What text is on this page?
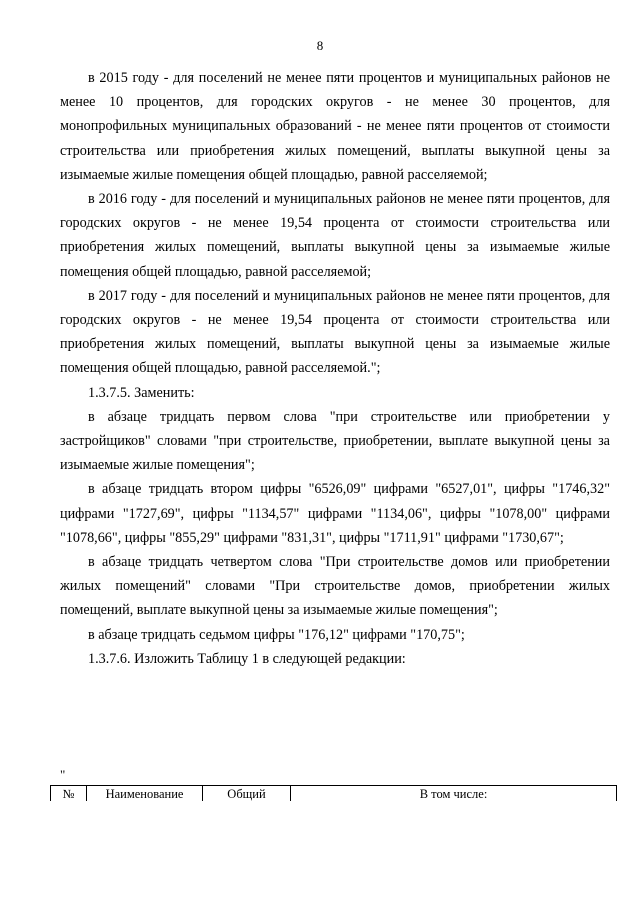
8

в 2015 году - для поселений не менее пяти процентов и муниципальных районов не менее 10 процентов, для городских округов - не менее 30 процентов, для монопрофильных муниципальных образований - не менее пяти процентов от стоимости строительства или приобретения жилых помещений, выплаты выкупной цены за изымаемые жилые помещения общей площадью, равной расселяемой;

в 2016 году - для поселений и муниципальных районов не менее пяти процентов, для городских округов - не менее 19,54 процента от стоимости строительства или приобретения жилых помещений, выплаты выкупной цены за изымаемые жилые помещения общей площадью, равной расселяемой;

в 2017 году - для поселений и муниципальных районов не менее пяти процентов, для городских округов - не менее 19,54 процента от стоимости строительства или приобретения жилых помещений, выплаты выкупной цены за изымаемые жилые помещения общей площадью, равной расселяемой.";

1.3.7.5. Заменить:

в абзаце тридцать первом слова "при строительстве или приобретении у застройщиков" словами "при строительстве, приобретении, выплате выкупной цены за изымаемые жилые помещения";

в абзаце тридцать втором цифры "6526,09" цифрами "6527,01", цифры "1746,32" цифрами "1727,69", цифры "1134,57" цифрами "1134,06", цифры "1078,00" цифрами "1078,66", цифры "855,29" цифрами "831,31", цифры "1711,91" цифрами "1730,67";

в абзаце тридцать четвертом слова "При строительстве домов или приобретении жилых помещений" словами "При строительстве домов, приобретении жилых помещений, выплате выкупной цены за изымаемые жилые помещения";

в абзаце тридцать седьмом цифры "176,12" цифрами "170,75";

1.3.7.6. Изложить Таблицу 1 в следующей редакции:

"
№	Наименование	Общий	В том числе:
